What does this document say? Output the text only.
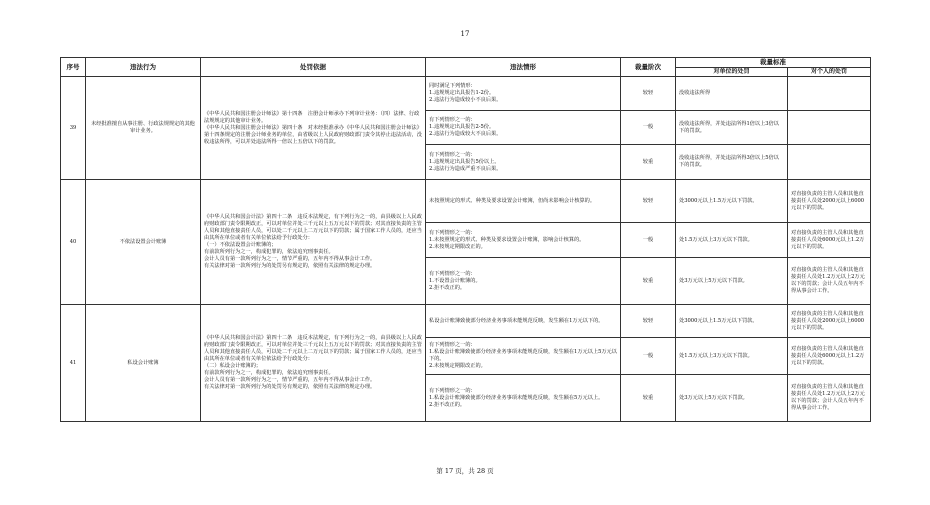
17
序号	违法行为	处罚依据	违法情形	裁量阶次	裁量标准	
					对单位的处罚	对个人的处罚
39	未经批准擅自从事注册、行政法规规定的其他审计业务。	《中华人民共和国注册会计师法》第十四条　注册会计师承办下列审计业务：（四）法律、行政法规规定的其他审计业务。
《中华人民共和国注册会计师法》第四十条　对未经批准承办《中华人民共和国注册会计师法》第十四条规定的注册会计师业务的单位，由省级以上人民政府财政部门责令其停止违法活动，没收违法所得，可以并处违法所得一倍以上五倍以下的罚款。	同时满足下列情形：
1.违规规定出具报告1-2份。
2.违法行为造成较小不良后果。	较轻	没收违法所得	
			有下列情形之一的：
1.违规规定出具报告2-5份。
2.违法行为造成较大不良后果。	一般	没收违法所得，并处违法所得1倍以上3倍以下的罚款。	
			有下列情形之一的：
1.违规规定出具报告5份以上。
2.违法行为造成严重不良后果。	较重	没收违法所得，并处违法所得3倍以上5倍以下的罚款。	
40	不依法设置会计账簿	《中华人民共和国会计法》第四十二条　违反本法规定，有下列行为之一的，由县级以上人民政府财政部门责令限期改正，可以对单位并处三千元以上五万元以下的罚款；对其直接负责的主管人员和其他直接责任人员，可以处二千元以上二万元以下的罚款；属于国家工作人员的，还应当由其所在单位或者有关单位依法给予行政处分：
（一）不依法设置会计账簿的；
有前款所列行为之一，构成犯罪的，依法追究刑事责任。
会计人员有第一款所列行为之一，情节严重的，五年内不得从事会计工作。
有关法律对第一款所列行为的处罚另有规定的，依照有关法律的规定办理。	未按照规定的形式、种类及要求设置会计账簿，但尚未影响会计核算的。	较轻	处3000元以上1.5万元以下罚款。	对直接负责的主管人员和其他直接责任人员处2000元以上6000元以下的罚款。
			有下列情形之一的：
1.未按照规定的形式、种类及要求设置会计账簿，影响会计核算的。
2.未按规定期限改正的。	一般	处1.5万元以上3万元以下罚款。	对直接负责的主管人员和其他直接责任人员处6000元以上1.2万元以下的罚款。
			有下列情形之一的：
1.不设置会计账簿的。
2.拒不改正的。	较重	处3万元以上5万元以下罚款。	对直接负责的主管人员和其他直接责任人员处1.2万元以上2万元以下的罚款；会计人员五年内不得从事会计工作。
41	私设会计账簿	《中华人民共和国会计法》第四十二条　违反本法规定，有下列行为之一的，由县级以上人民政府财政部门责令限期改正，可以对单位并处三千元以上五万元以下的罚款；对其直接负责的主管人员和其他直接责任人员，可以处二千元以上二万元以下的罚款；属于国家工作人员的，还应当由其所在单位或者有关单位依法给予行政处分：
（二）私设会计账簿的；
有前款所列行为之一，构成犯罪的，依法追究刑事责任。
会计人员有第一款所列行为之一，情节严重的，五年内不得从事会计工作。
有关法律对第一款所列行为的处罚另有规定的，依照有关法律的规定办理。	私设会计账簿致使部分经济业务事项未能规范反映，发生额在1万元以下的。	较轻	处3000元以上1.5万元以下罚款。	对直接负责的主管人员和其他直接责任人员处2000元以上6000元以下的罚款。
			有下列情形之一的：
1.私设会计账簿致使部分经济业务事项未能规范反映，发生额在1万元以上5万元以下的。
2.未按规定期限改正的。	一般	处1.5万元以上3万元以下罚款。	对直接负责的主管人员和其他直接责任人员处6000元以上1.2万元以下的罚款。
			有下列情形之一的：
1.私设会计账簿致使部分经济业务事项未能规范反映，发生额在5万元以上。
2.拒不改正的。	较重	处3万元以上5万元以下罚款。	对直接负责的主管人员和其他直接责任人员处1.2万元以上2万元以下的罚款；会计人员五年内不得从事会计工作。
第 17 页，共 28 页
